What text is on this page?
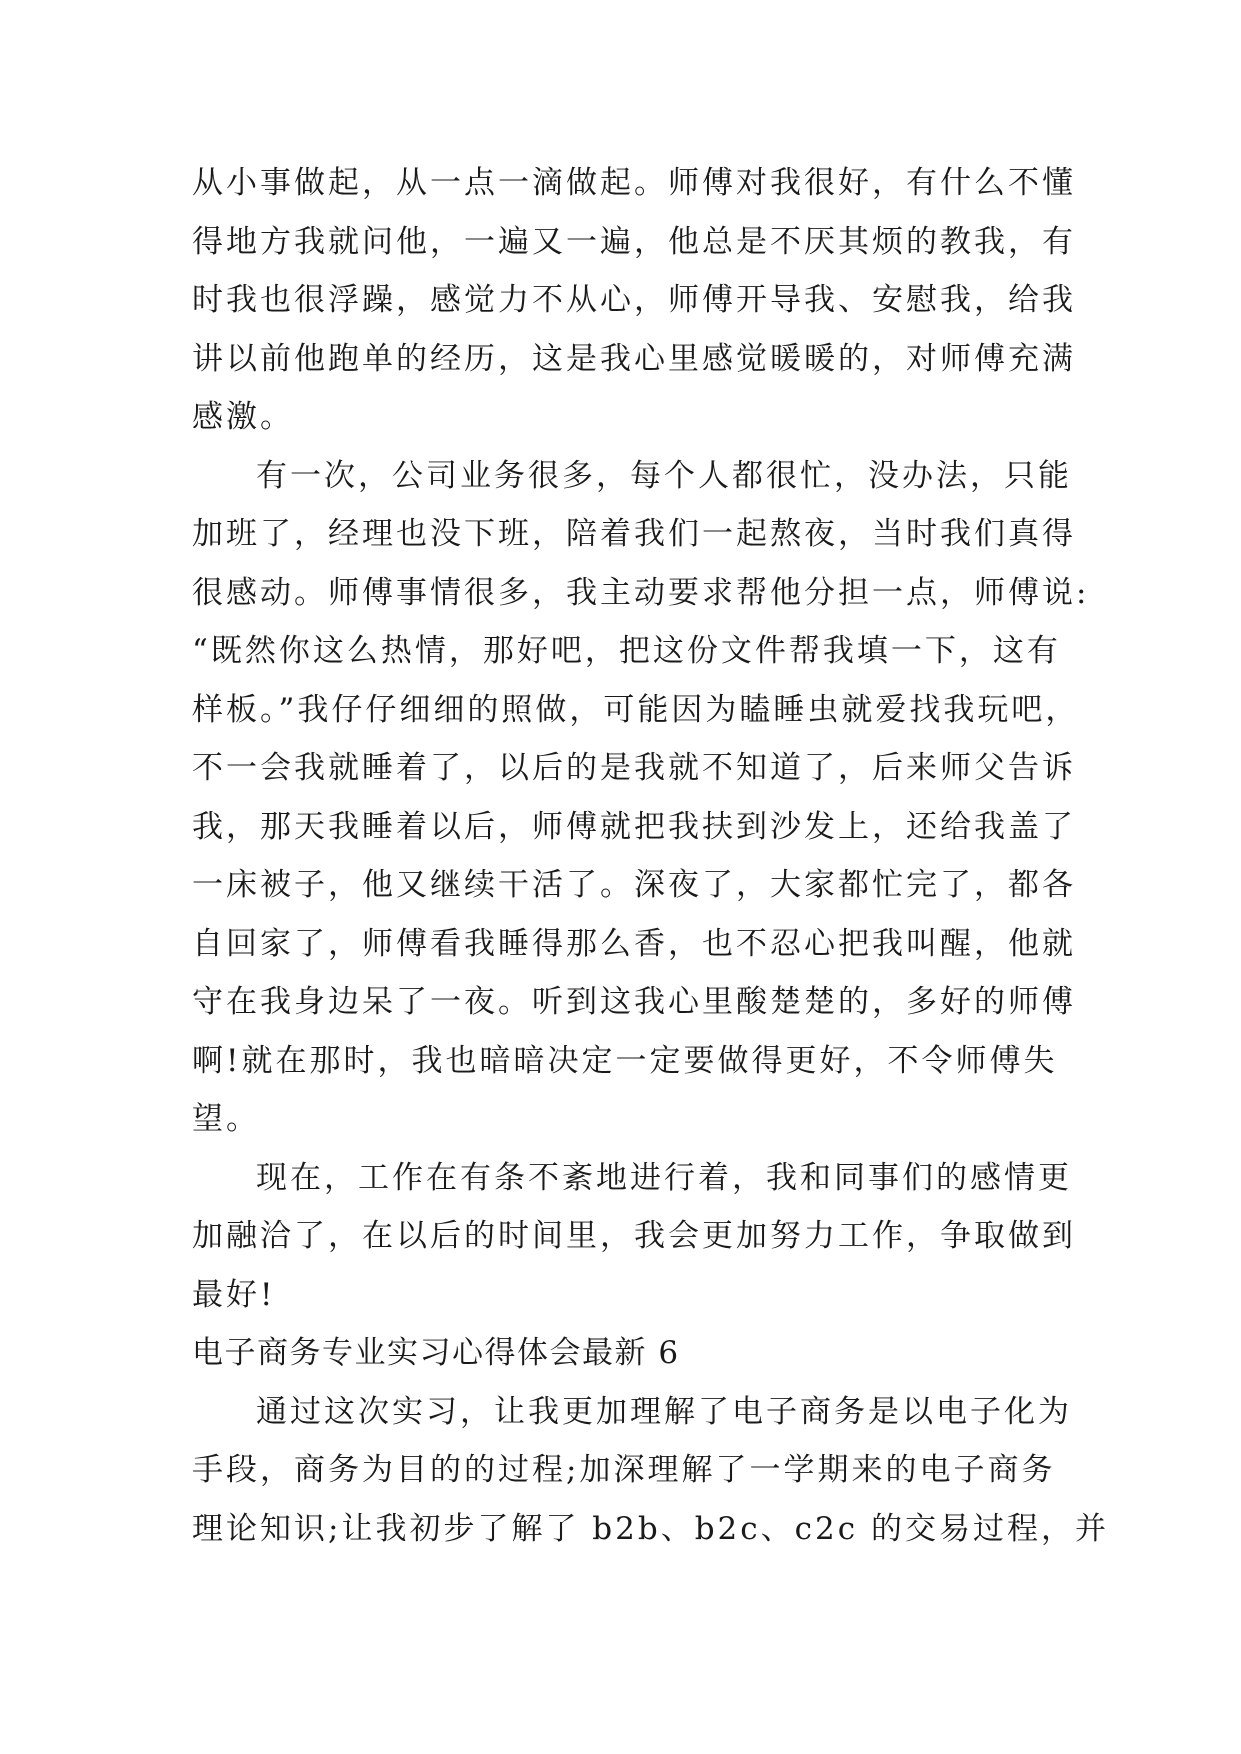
从小事做起，从一点一滴做起。师傅对我很好，有什么不懂
得地方我就问他，一遍又一遍，他总是不厌其烦的教我，有
时我也很浮躁，感觉力不从心，师傅开导我、安慰我，给我
讲以前他跑单的经历，这是我心里感觉暖暖的，对师傅充满
感激。
有一次，公司业务很多，每个人都很忙，没办法，只能
加班了，经理也没下班，陪着我们一起熬夜，当时我们真得
很感动。师傅事情很多，我主动要求帮他分担一点，师傅说:
“既然你这么热情，那好吧，把这份文件帮我填一下，这有
样板。”我仔仔细细的照做，可能因为瞌睡虫就爱找我玩吧，
不一会我就睡着了，以后的是我就不知道了，后来师父告诉
我，那天我睡着以后，师傅就把我扶到沙发上，还给我盖了
一床被子，他又继续干活了。深夜了，大家都忙完了，都各
自回家了，师傅看我睡得那么香，也不忍心把我叫醒，他就
守在我身边呆了一夜。听到这我心里酸楚楚的，多好的师傅
啊!就在那时，我也暗暗决定一定要做得更好，不令师傅失
望。
现在，工作在有条不紊地进行着，我和同事们的感情更
加融洽了，在以后的时间里，我会更加努力工作，争取做到
最好!
电子商务专业实习心得体会最新 6
通过这次实习，让我更加理解了电子商务是以电子化为
手段，商务为目的的过程;加深理解了一学期来的电子商务
理论知识;让我初步了解了 b2b、b2c、c2c 的交易过程，并
